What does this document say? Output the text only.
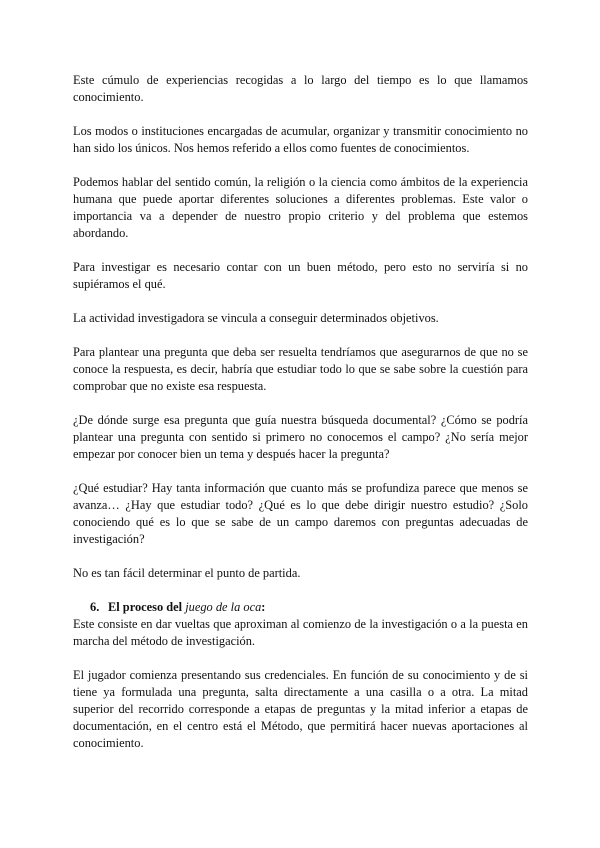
Este cúmulo de experiencias recogidas a lo largo del tiempo es lo que llamamos conocimiento.

Los modos o instituciones encargadas de acumular, organizar y transmitir conocimiento no han sido los únicos. Nos hemos referido a ellos como fuentes de conocimientos.

Podemos hablar del sentido común, la religión o la ciencia como ámbitos de la experiencia humana que puede aportar diferentes soluciones a diferentes problemas. Este valor o importancia va a depender de nuestro propio criterio y del problema que estemos abordando.

Para investigar es necesario contar con un buen método, pero esto no serviría si no supiéramos el qué.

La actividad investigadora se vincula a conseguir determinados objetivos.

Para plantear una pregunta que deba ser resuelta tendríamos que asegurarnos de que no se conoce la respuesta, es decir, habría que estudiar todo lo que se sabe sobre la cuestión para comprobar que no existe esa respuesta.

¿De dónde surge esa pregunta que guía nuestra búsqueda documental? ¿Cómo se podría plantear una pregunta con sentido si primero no conocemos el campo? ¿No sería mejor empezar por conocer bien un tema y después hacer la pregunta?

¿Qué estudiar? Hay tanta información que cuanto más se profundiza parece que menos se avanza… ¿Hay que estudiar todo? ¿Qué es lo que debe dirigir nuestro estudio? ¿Solo conociendo qué es lo que se sabe de un campo daremos con preguntas adecuadas de investigación?

No es tan fácil determinar el punto de partida.

6. El proceso del juego de la oca:

Este consiste en dar vueltas que aproximan al comienzo de la investigación o a la puesta en marcha del método de investigación.

El jugador comienza presentando sus credenciales. En función de su conocimiento y de si tiene ya formulada una pregunta, salta directamente a una casilla o a otra. La mitad superior del recorrido corresponde a etapas de preguntas y la mitad inferior a etapas de documentación, en el centro está el Método, que permitirá hacer nuevas aportaciones al conocimiento.
